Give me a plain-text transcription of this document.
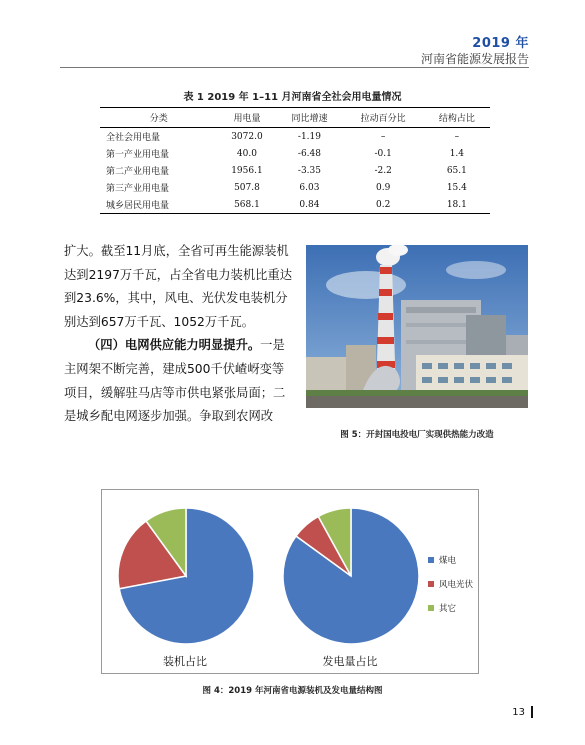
2019 年
河南省能源发展报告
表 1 2019 年 1–11 月河南省全社会用电量情况
分类	用电量	同比增速	拉动百分比	结构占比
全社会用电量	3072.0	-1.19	–	–
第一产业用电量	40.0	-6.48	-0.1	1.4
第二产业用电量	1956.1	-3.35	-2.2	65.1
第三产业用电量	507.8	6.03	0.9	15.4
城乡居民用电量	568.1	0.84	0.2	18.1

扩大。截至11月底，全省可再生能源装机达到2197万千瓦，占全省电力装机比重达到23.6%，其中，风电、光伏发电装机分别达到657万千瓦、1052万千瓦。

（四）电网供应能力明显提升。一是主网架不断完善，建成500千伏嵖岈变等项目，缓解驻马店等市供电紧张局面；二是城乡配电网逐步加强。争取到农网改

图 5：开封国电投电厂实现供热能力改造
装机占比	发电量占比
煤电
风电光伏
其它
图 4：2019 年河南省电源装机及发电量结构图
13
